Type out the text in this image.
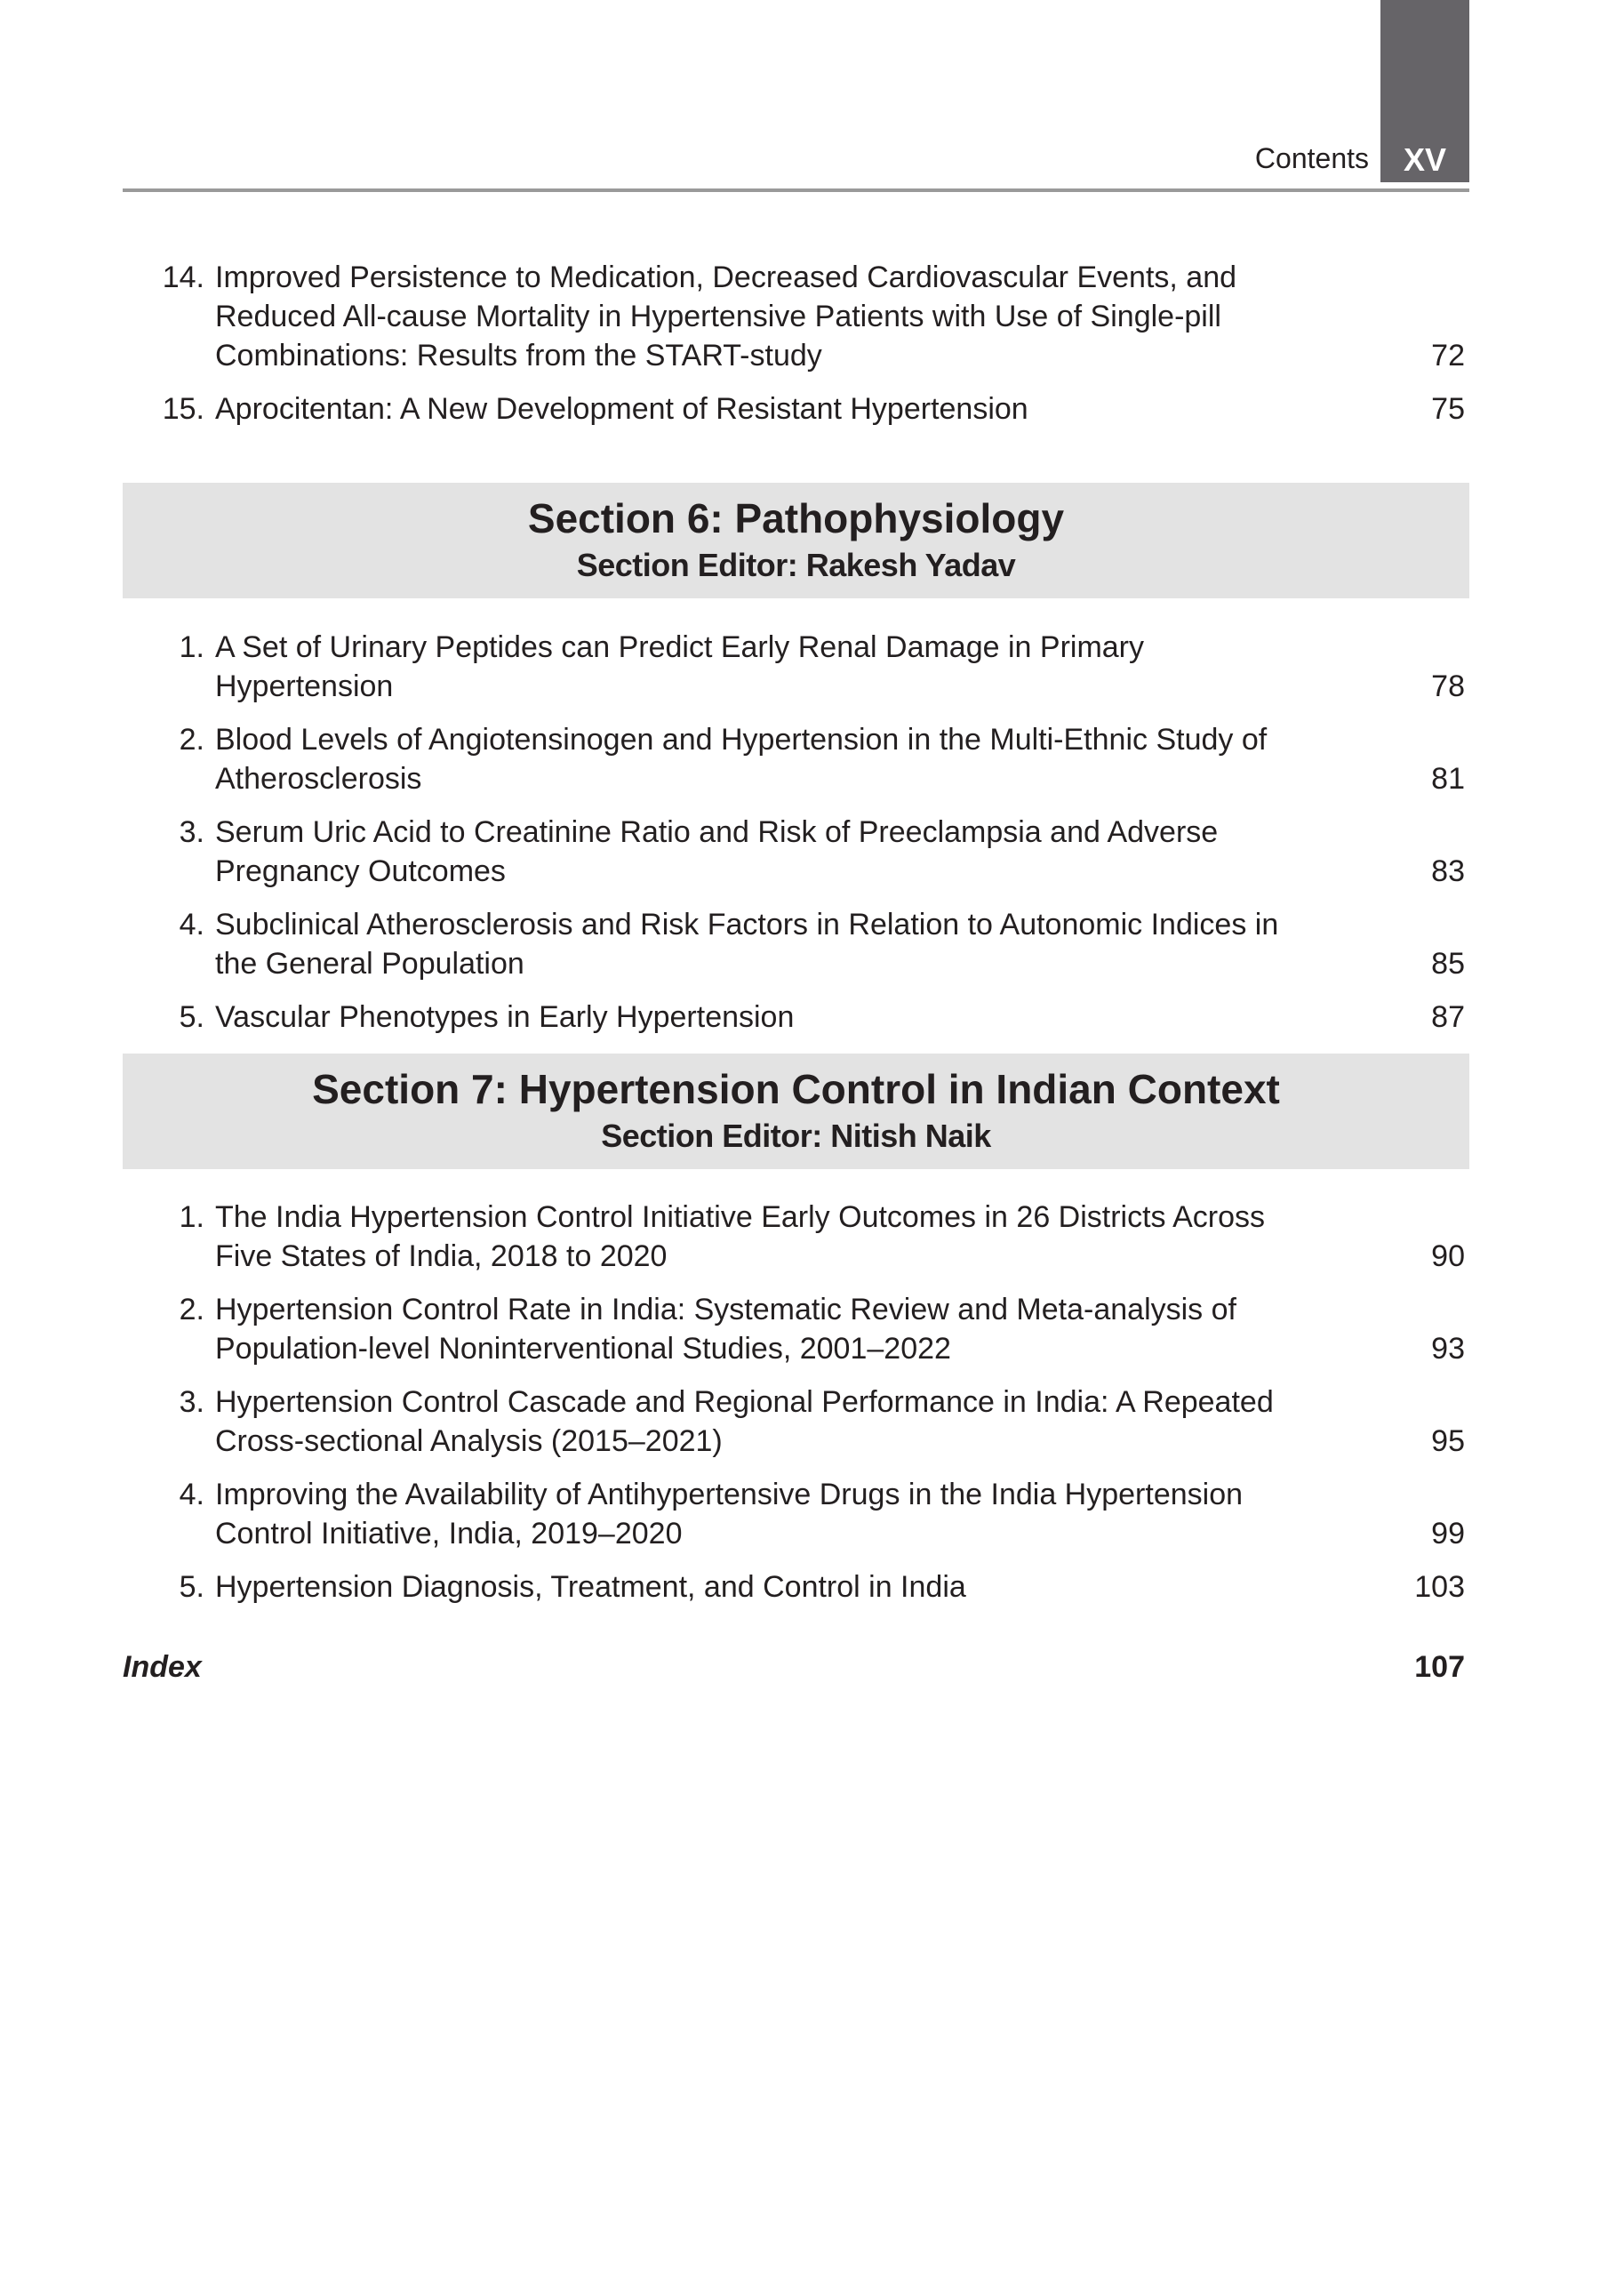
XV
Contents
14. Improved Persistence to Medication, Decreased Cardiovascular Events, and Reduced All-cause Mortality in Hypertensive Patients with Use of Single-pill Combinations: Results from the START-study	72
15. Aprocitentan: A New Development of Resistant Hypertension	75
Section 6: Pathophysiology
Section Editor: Rakesh Yadav
1. A Set of Urinary Peptides can Predict Early Renal Damage in Primary Hypertension	78
2. Blood Levels of Angiotensinogen and Hypertension in the Multi-Ethnic Study of Atherosclerosis	81
3. Serum Uric Acid to Creatinine Ratio and Risk of Preeclampsia and Adverse Pregnancy Outcomes	83
4. Subclinical Atherosclerosis and Risk Factors in Relation to Autonomic Indices in the General Population	85
5. Vascular Phenotypes in Early Hypertension	87
Section 7: Hypertension Control in Indian Context
Section Editor: Nitish Naik
1. The India Hypertension Control Initiative Early Outcomes in 26 Districts Across Five States of India, 2018 to 2020	90
2. Hypertension Control Rate in India: Systematic Review and Meta-analysis of Population-level Noninterventional Studies, 2001–2022	93
3. Hypertension Control Cascade and Regional Performance in India: A Repeated Cross-sectional Analysis (2015–2021)	95
4. Improving the Availability of Antihypertensive Drugs in the India Hypertension Control Initiative, India, 2019–2020	99
5. Hypertension Diagnosis, Treatment, and Control in India	103
Index	107
